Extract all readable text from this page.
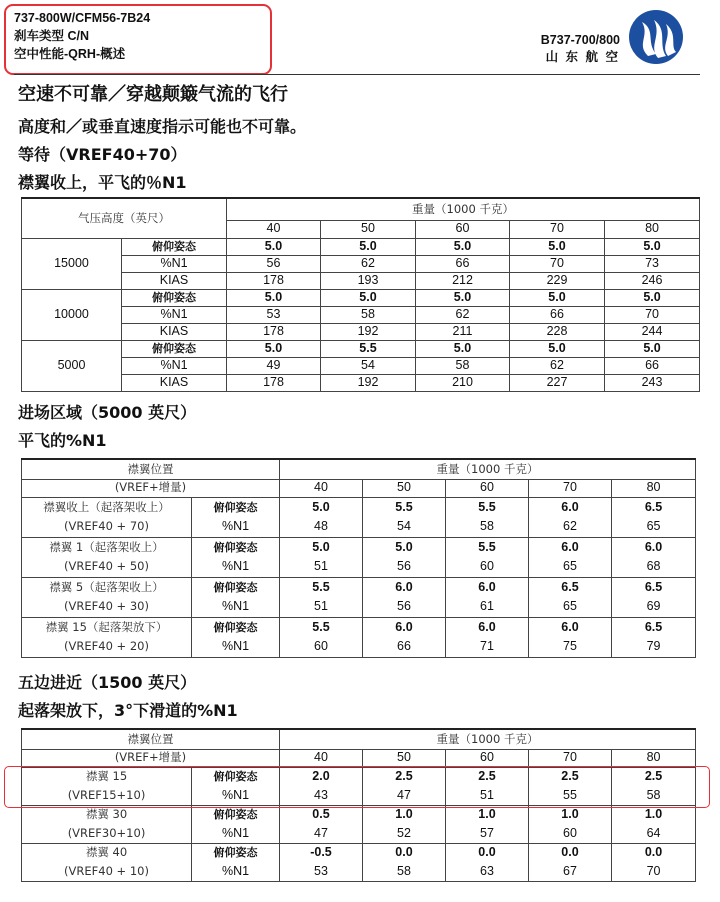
737-800W/CFM56-7B24
刹车类型 C/N
空中性能-QRH-概述
B737-700/800
山 东 航 空
空速不可靠／穿越颠簸气流的飞行
高度和／或垂直速度指示可能也不可靠。
等待（VREF40+70）
襟翼收上，平飞的％N1
气压高度（英尺）		重量（1000 千克）				
		40	50	60	70	80
15000	俯仰姿态	5.0	5.0	5.0	5.0	5.0
	%N1	56	62	66	70	73
	KIAS	178	193	212	229	246
10000	俯仰姿态	5.0	5.0	5.0	5.0	5.0
	%N1	53	58	62	66	70
	KIAS	178	192	211	228	244
5000	俯仰姿态	5.0	5.5	5.0	5.0	5.0
	%N1	49	54	58	62	66
	KIAS	178	192	210	227	243
进场区域（5000 英尺）
平飞的%N1
襟翼位置		重量（1000 千克）				
(VREF+增量)		40	50	60	70	80
襟翼收上（起落架收上）	俯仰姿态	5.0	5.5	5.5	6.0	6.5
(VREF40 + 70)	%N1	48	54	58	62	65
襟翼 1（起落架收上）	俯仰姿态	5.0	5.0	5.5	6.0	6.0
(VREF40 + 50)	%N1	51	56	60	65	68
襟翼 5（起落架收上）	俯仰姿态	5.5	6.0	6.0	6.5	6.5
(VREF40 + 30)	%N1	51	56	61	65	69
襟翼 15（起落架放下）	俯仰姿态	5.5	6.0	6.0	6.0	6.5
(VREF40 + 20)	%N1	60	66	71	75	79
五边进近（1500 英尺）
起落架放下，3°下滑道的%N1
襟翼位置		重量（1000 千克）				
(VREF+增量)		40	50	60	70	80
襟翼 15	俯仰姿态	2.0	2.5	2.5	2.5	2.5
(VREF15+10)	%N1	43	47	51	55	58
襟翼 30	俯仰姿态	0.5	1.0	1.0	1.0	1.0
(VREF30+10)	%N1	47	52	57	60	64
襟翼 40	俯仰姿态	-0.5	0.0	0.0	0.0	0.0
(VREF40 + 10)	%N1	53	58	63	67	70
